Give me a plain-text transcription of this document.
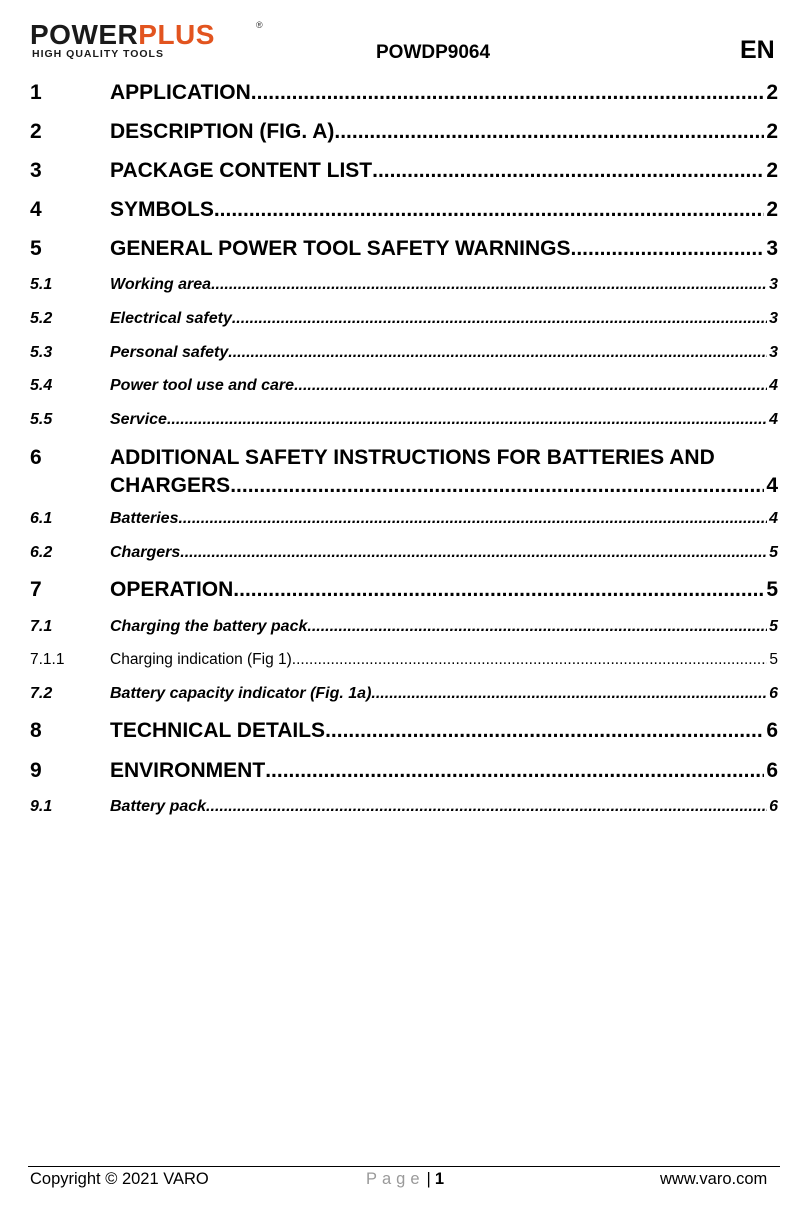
POWERPLUS	®
HIGH QUALITY TOOLS	POWDP9064	EN
1	APPLICATION .....	2
2	DESCRIPTION (FIG. A) .....	2
3	PACKAGE CONTENT LIST .....	2
4	SYMBOLS .....	2
5	GENERAL POWER TOOL SAFETY WARNINGS .....	3
5.1	Working area .....	3
5.2	Electrical safety .....	3
5.3	Personal safety .....	3
5.4	Power tool use and care .....	4
5.5	Service .....	4
6	ADDITIONAL SAFETY INSTRUCTIONS FOR BATTERIES AND
CHARGERS .....	4
6.1	Batteries .....	4
6.2	Chargers .....	5
7	OPERATION .....	5
7.1	Charging the battery pack .....	5
7.1.1	Charging indication (Fig 1) .....	5
7.2	Battery capacity indicator (Fig. 1a) .....	6
8	TECHNICAL DETAILS .....	6
9	ENVIRONMENT .....	6
9.1	Battery pack .....	6
Copyright © 2021 VARO	Page | 1	www.varo.com
